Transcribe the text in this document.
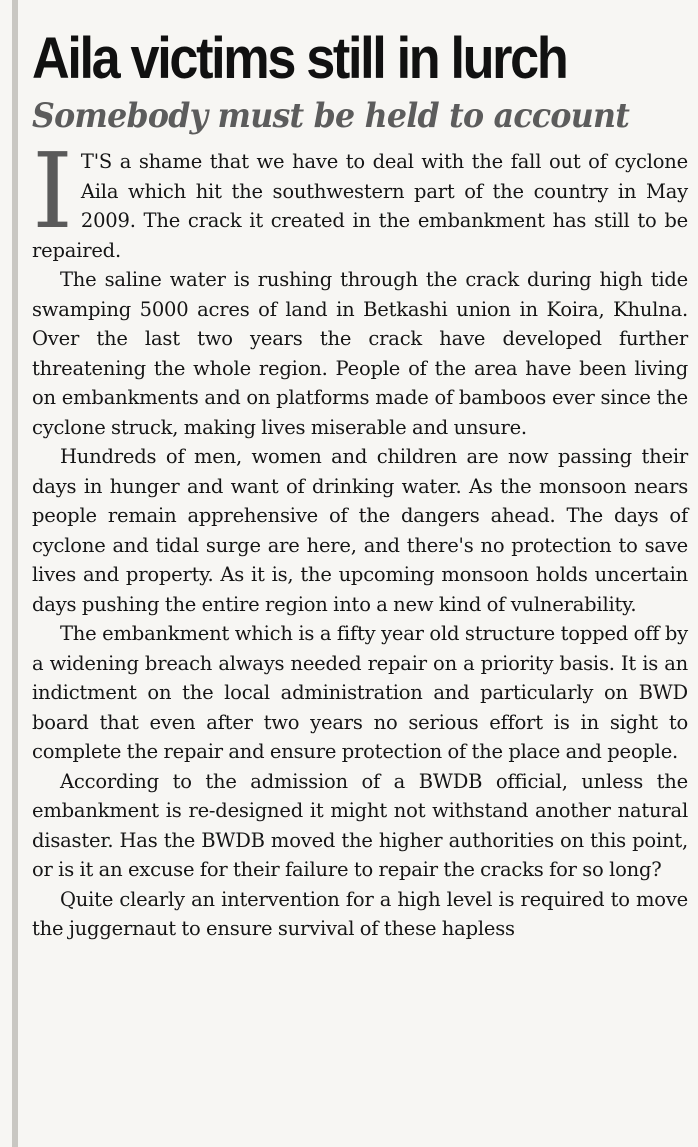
Aila victims still in lurch
Somebody must be held to account

I T'S a shame that we have to deal with the fall out of cyclone Aila which hit the southwestern part of the country in May 2009. The crack it created in the embankment has still to be repaired.

The saline water is rushing through the crack during high tide swamping 5000 acres of land in Betkashi union in Koira, Khulna. Over the last two years the crack have developed further threatening the whole region. People of the area have been living on embankments and on platforms made of bamboos ever since the cyclone struck, making lives miserable and unsure.

Hundreds of men, women and children are now passing their days in hunger and want of drinking water. As the monsoon nears people remain apprehensive of the dangers ahead. The days of cyclone and tidal surge are here, and there's no protection to save lives and property. As it is, the upcoming monsoon holds uncertain days pushing the entire region into a new kind of vulnerability.

The embankment which is a fifty year old structure topped off by a widening breach always needed repair on a priority basis. It is an indictment on the local administration and particularly on BWD board that even after two years no serious effort is in sight to complete the repair and ensure protection of the place and people.

According to the admission of a BWDB official, unless the embankment is re-designed it might not withstand another natural disaster. Has the BWDB moved the higher authorities on this point, or is it an excuse for their failure to repair the cracks for so long?

Quite clearly an intervention for a high level is required to move the juggernaut to ensure survival of these hapless
